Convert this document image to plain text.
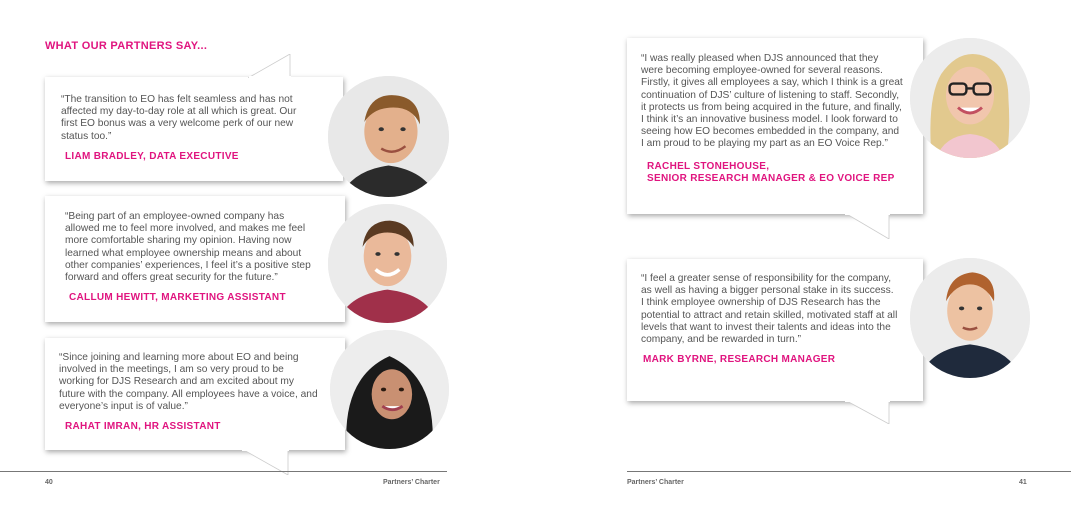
WHAT OUR PARTNERS SAY...

“The transition to EO has felt seamless and has not affected my day-to-day role at all which is great. Our first EO bonus was a very welcome perk of our new status too.”

LIAM BRADLEY, DATA EXECUTIVE

“Being part of an employee-owned company has allowed me to feel more involved, and makes me feel more comfortable sharing my opinion. Having now learned what employee ownership means and about other companies’ experiences, I feel it’s a positive step forward and offers great security for the future.”

CALLUM HEWITT, MARKETING ASSISTANT

“Since joining and learning more about EO and being involved in the meetings, I am so very proud to be working for DJS Research and am excited about my future with the company. All employees have a voice, and everyone’s input is of value.”

RAHAT IMRAN, HR ASSISTANT
40	Partners’ Charter

“I was really pleased when DJS announced that they were becoming employee-owned for several reasons. Firstly, it gives all employees a say, which I think is a great continuation of DJS’ culture of listening to staff. Secondly, it protects us from being acquired in the future, and finally, I think it’s an innovative business model. I look forward to seeing how EO becomes embedded in the company, and I am proud to be playing my part as an EO Voice Rep.”

RACHEL STONEHOUSE,
SENIOR RESEARCH MANAGER & EO VOICE REP

“I feel a greater sense of responsibility for the company, as well as having a bigger personal stake in its success. I think employee ownership of DJS Research has the potential to attract and retain skilled, motivated staff at all levels that want to invest their talents and ideas into the company, and be rewarded in turn.”

MARK BYRNE, RESEARCH MANAGER
Partners’ Charter	41
